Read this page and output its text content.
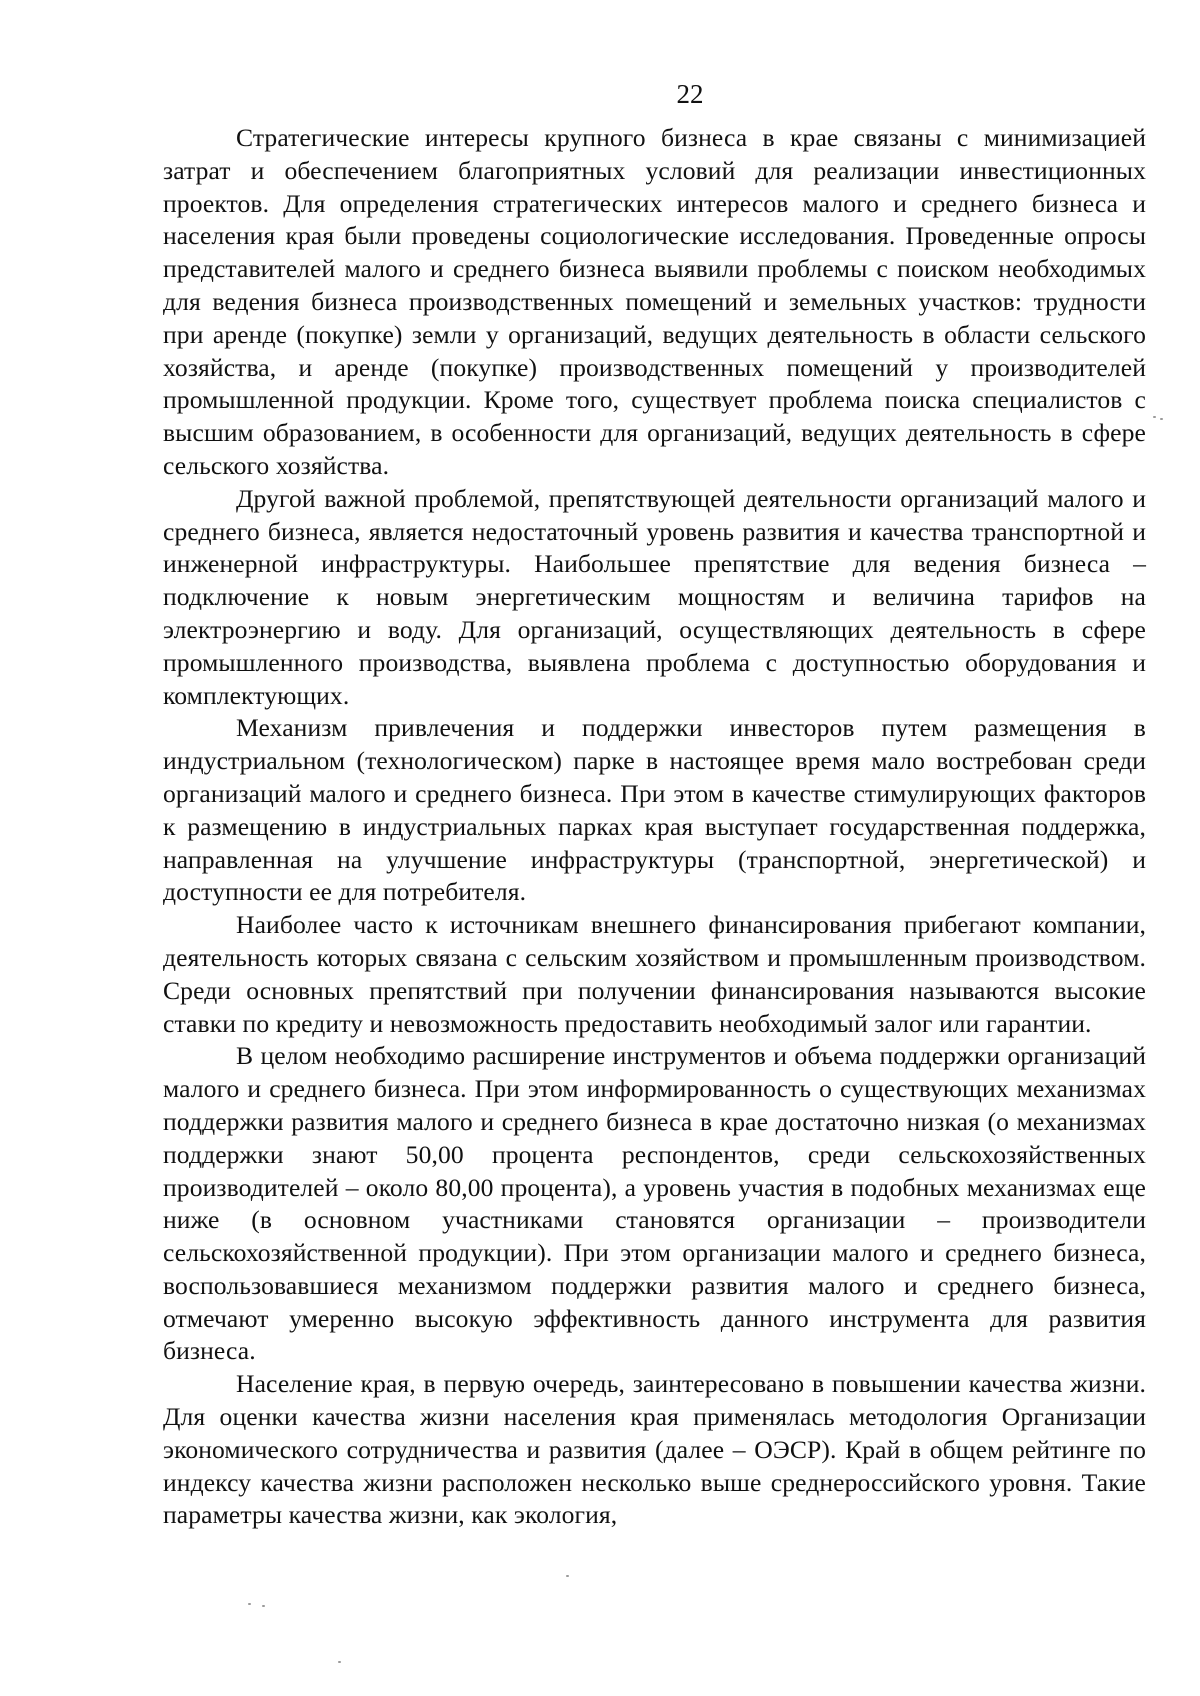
22

Стратегические интересы крупного бизнеса в крае связаны с минимизацией затрат и обеспечением благоприятных условий для реализации инвестиционных проектов. Для определения стратегических интересов малого и среднего бизнеса и населения края были проведены социологические исследования. Проведенные опросы представителей малого и среднего бизнеса выявили проблемы с поиском необходимых для ведения бизнеса производственных помещений и земельных участков: трудности при аренде (покупке) земли у организаций, ведущих деятельность в области сельского хозяйства, и аренде (покупке) производственных помещений у производителей промышленной продукции. Кроме того, существует проблема поиска специалистов с высшим образованием, в особенности для организаций, ведущих деятельность в сфере сельского хозяйства.

Другой важной проблемой, препятствующей деятельности организаций малого и среднего бизнеса, является недостаточный уровень развития и качества транспортной и инженерной инфраструктуры. Наибольшее препятствие для ведения бизнеса – подключение к новым энергетическим мощностям и величина тарифов на электроэнергию и воду. Для организаций, осуществляющих деятельность в сфере промышленного производства, выявлена проблема с доступностью оборудования и комплектующих.

Механизм привлечения и поддержки инвесторов путем размещения в индустриальном (технологическом) парке в настоящее время мало востребован среди организаций малого и среднего бизнеса. При этом в качестве стимулирующих факторов к размещению в индустриальных парках края выступает государственная поддержка, направленная на улучшение инфраструктуры (транспортной, энергетической) и доступности ее для потребителя.

Наиболее часто к источникам внешнего финансирования прибегают компании, деятельность которых связана с сельским хозяйством и промышленным производством. Среди основных препятствий при получении финансирования называются высокие ставки по кредиту и невозможность предоставить необходимый залог или гарантии.

В целом необходимо расширение инструментов и объема поддержки организаций малого и среднего бизнеса. При этом информированность о существующих механизмах поддержки развития малого и среднего бизнеса в крае достаточно низкая (о механизмах поддержки знают 50,00 процента респондентов, среди сельскохозяйственных производителей – около 80,00 процента), а уровень участия в подобных механизмах еще ниже (в основном участниками становятся организации – производители сельскохозяйственной продукции). При этом организации малого и среднего бизнеса, воспользовавшиеся механизмом поддержки развития малого и среднего бизнеса, отмечают умеренно высокую эффективность данного инструмента для развития бизнеса.

Население края, в первую очередь, заинтересовано в повышении качества жизни. Для оценки качества жизни населения края применялась методология Организации экономического сотрудничества и развития (далее – ОЭСР). Край в общем рейтинге по индексу качества жизни расположен несколько выше среднероссийского уровня. Такие параметры качества жизни, как экология,
